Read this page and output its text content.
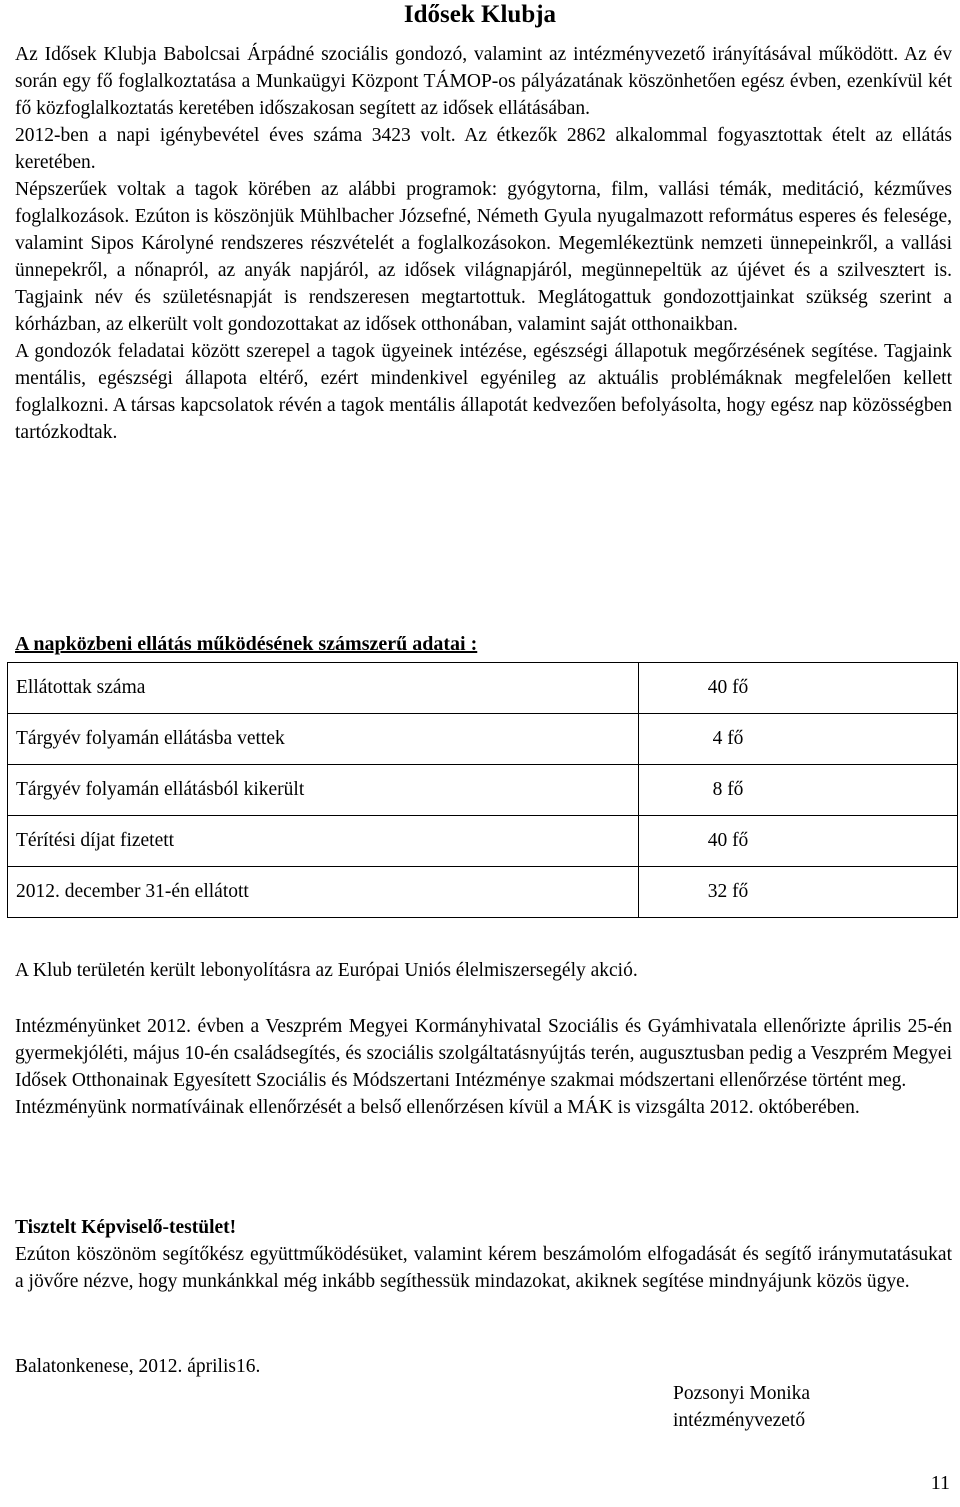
Idősek Klubja

Az Idősek Klubja Babolcsai Árpádné szociális gondozó, valamint az intézményvezető irányításával működött. Az év során egy fő foglalkoztatása a Munkaügyi Központ TÁMOP-os pályázatának köszönhetően egész évben, ezenkívül két fő közfoglalkoztatás keretében időszakosan segített az idősek ellátásában.

2012-ben a napi igénybevétel éves száma 3423 volt. Az étkezők 2862 alkalommal fogyasztottak ételt az ellátás keretében.

Népszerűek voltak a tagok körében az alábbi programok: gyógytorna, film, vallási témák, meditáció, kézműves foglalkozások. Ezúton is köszönjük Mühlbacher Józsefné, Németh Gyula nyugalmazott református esperes és felesége, valamint Sipos Károlyné rendszeres részvételét a foglalkozásokon. Megemlékeztünk nemzeti ünnepeinkről, a vallási ünnepekről, a nőnapról, az anyák napjáról, az idősek világnapjáról, megünnepeltük az újévet és a szilvesztert is. Tagjaink név és születésnapját is rendszeresen megtartottuk. Meglátogattuk gondozottjainkat szükség szerint a kórházban, az elkerült volt gondozottakat az idősek otthonában, valamint saját otthonaikban.

A gondozók feladatai között szerepel a tagok ügyeinek intézése, egészségi állapotuk megőrzésének segítése. Tagjaink mentális, egészségi állapota eltérő, ezért mindenkivel egyénileg az aktuális problémáknak megfelelően kellett foglalkozni. A társas kapcsolatok révén a tagok mentális állapotát kedvezően befolyásolta, hogy egész nap közösségben tartózkodtak.

A napközbeni ellátás működésének számszerű adatai :
Ellátottak száma	40 fő
Tárgyév folyamán ellátásba vettek	4 fő
Tárgyév folyamán ellátásból kikerült	8 fő
Térítési díjat fizetett	40 fő
2012. december 31-én ellátott	32 fő
A Klub területén került lebonyolításra az Európai Uniós élelmiszersegély akció.

Intézményünket 2012. évben a Veszprém Megyei Kormányhivatal Szociális és Gyámhivatala ellenőrizte április 25-én gyermekjóléti, május 10-én családsegítés, és szociális szolgáltatásnyújtás terén, augusztusban pedig a Veszprém Megyei Idősek Otthonainak Egyesített Szociális és Módszertani Intézménye szakmai módszertani ellenőrzése történt meg.

Intézményünk normatíváinak ellenőrzését a belső ellenőrzésen kívül a MÁK is vizsgálta 2012. októberében.

Tisztelt Képviselő-testület!

Ezúton köszönöm segítőkész együttműködésüket, valamint kérem beszámolóm elfogadását és segítő iránymutatásukat a jövőre nézve, hogy munkánkkal még inkább segíthessük mindazokat, akiknek segítése mindnyájunk közös ügye.

Balatonkenese, 2012. április16.
Pozsonyi Monika
intézményvezető
11
